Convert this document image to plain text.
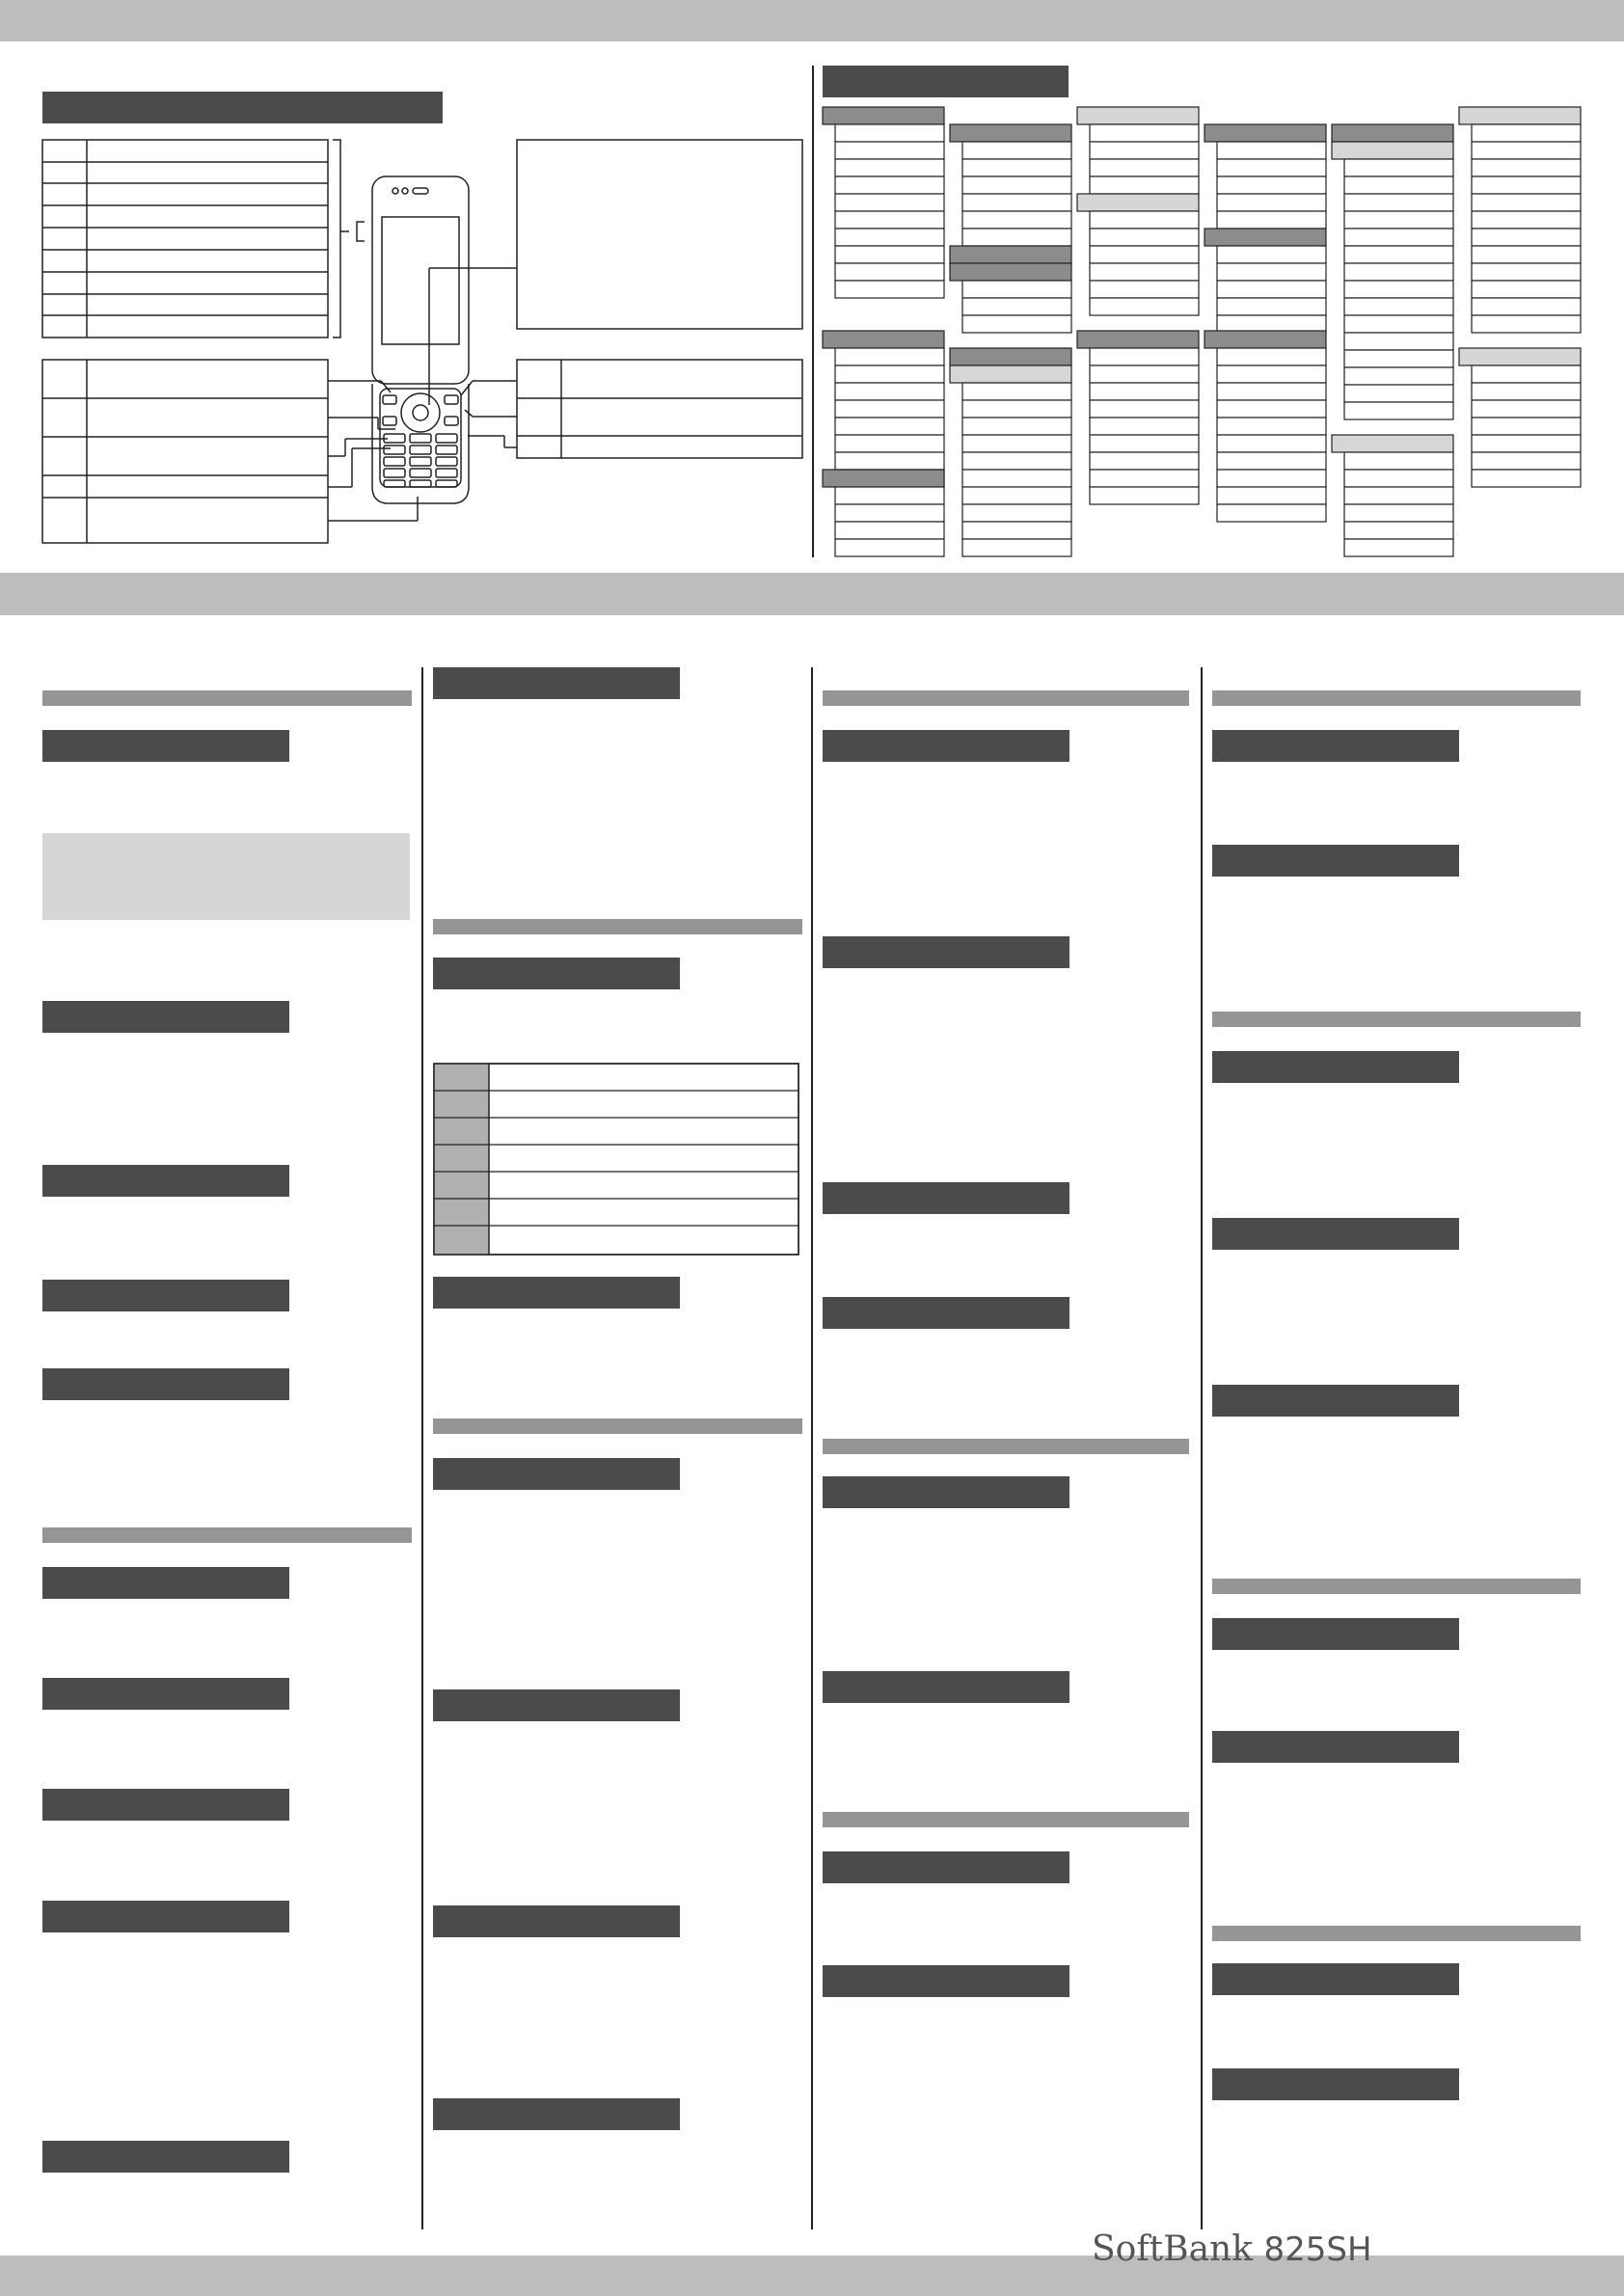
SoftBank 825SH
